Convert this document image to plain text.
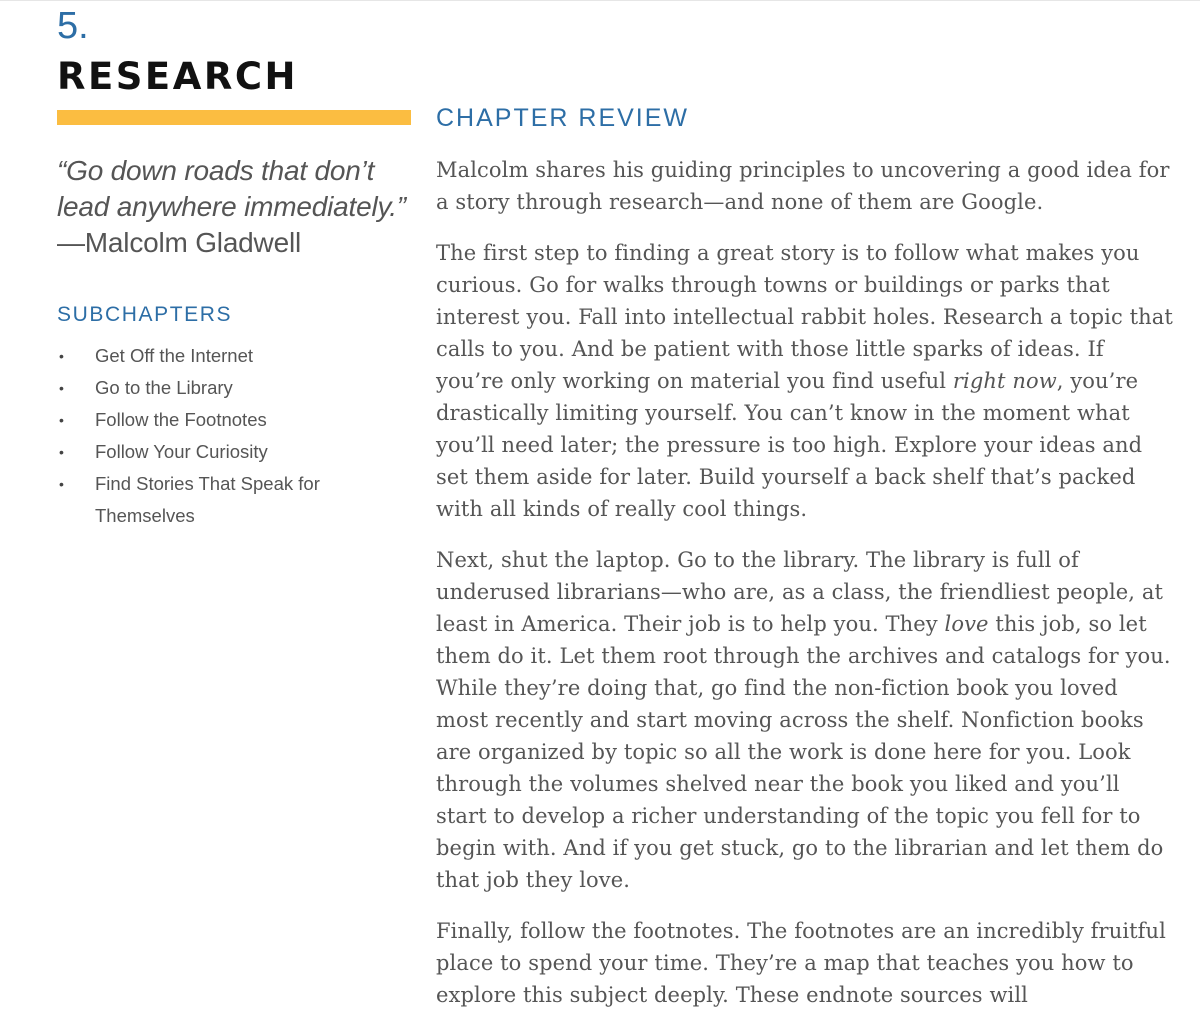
5.
RESEARCH
“Go down roads that don’t lead anywhere immediately.”
—Malcolm Gladwell
SUBCHAPTERS
• Get Off the Internet
• Go to the Library
• Follow the Footnotes
• Follow Your Curiosity
• Find Stories That Speak for Themselves
CHAPTER REVIEW

Malcolm shares his guiding principles to uncovering a good idea for a story through research—and none of them are Google.

The first step to finding a great story is to follow what makes you curious. Go for walks through towns or buildings or parks that interest you. Fall into intellectual rabbit holes. Research a topic that calls to you. And be patient with those little sparks of ideas. If you’re only working on material you find useful right now, you’re drastically limiting yourself. You can’t know in the moment what you’ll need later; the pressure is too high. Explore your ideas and set them aside for later. Build yourself a back shelf that’s packed with all kinds of really cool things.

Next, shut the laptop. Go to the library. The library is full of underused librarians—who are, as a class, the friendliest people, at least in America. Their job is to help you. They love this job, so let them do it. Let them root through the archives and catalogs for you. While they’re doing that, go find the non-fiction book you loved most recently and start moving across the shelf. Nonfiction books are organized by topic so all the work is done here for you. Look through the volumes shelved near the book you liked and you’ll start to develop a richer understanding of the topic you fell for to begin with. And if you get stuck, go to the librarian and let them do that job they love.

Finally, follow the footnotes. The footnotes are an incredibly fruitful place to spend your time. They’re a map that teaches you how to explore this subject deeply. These endnote sources will
